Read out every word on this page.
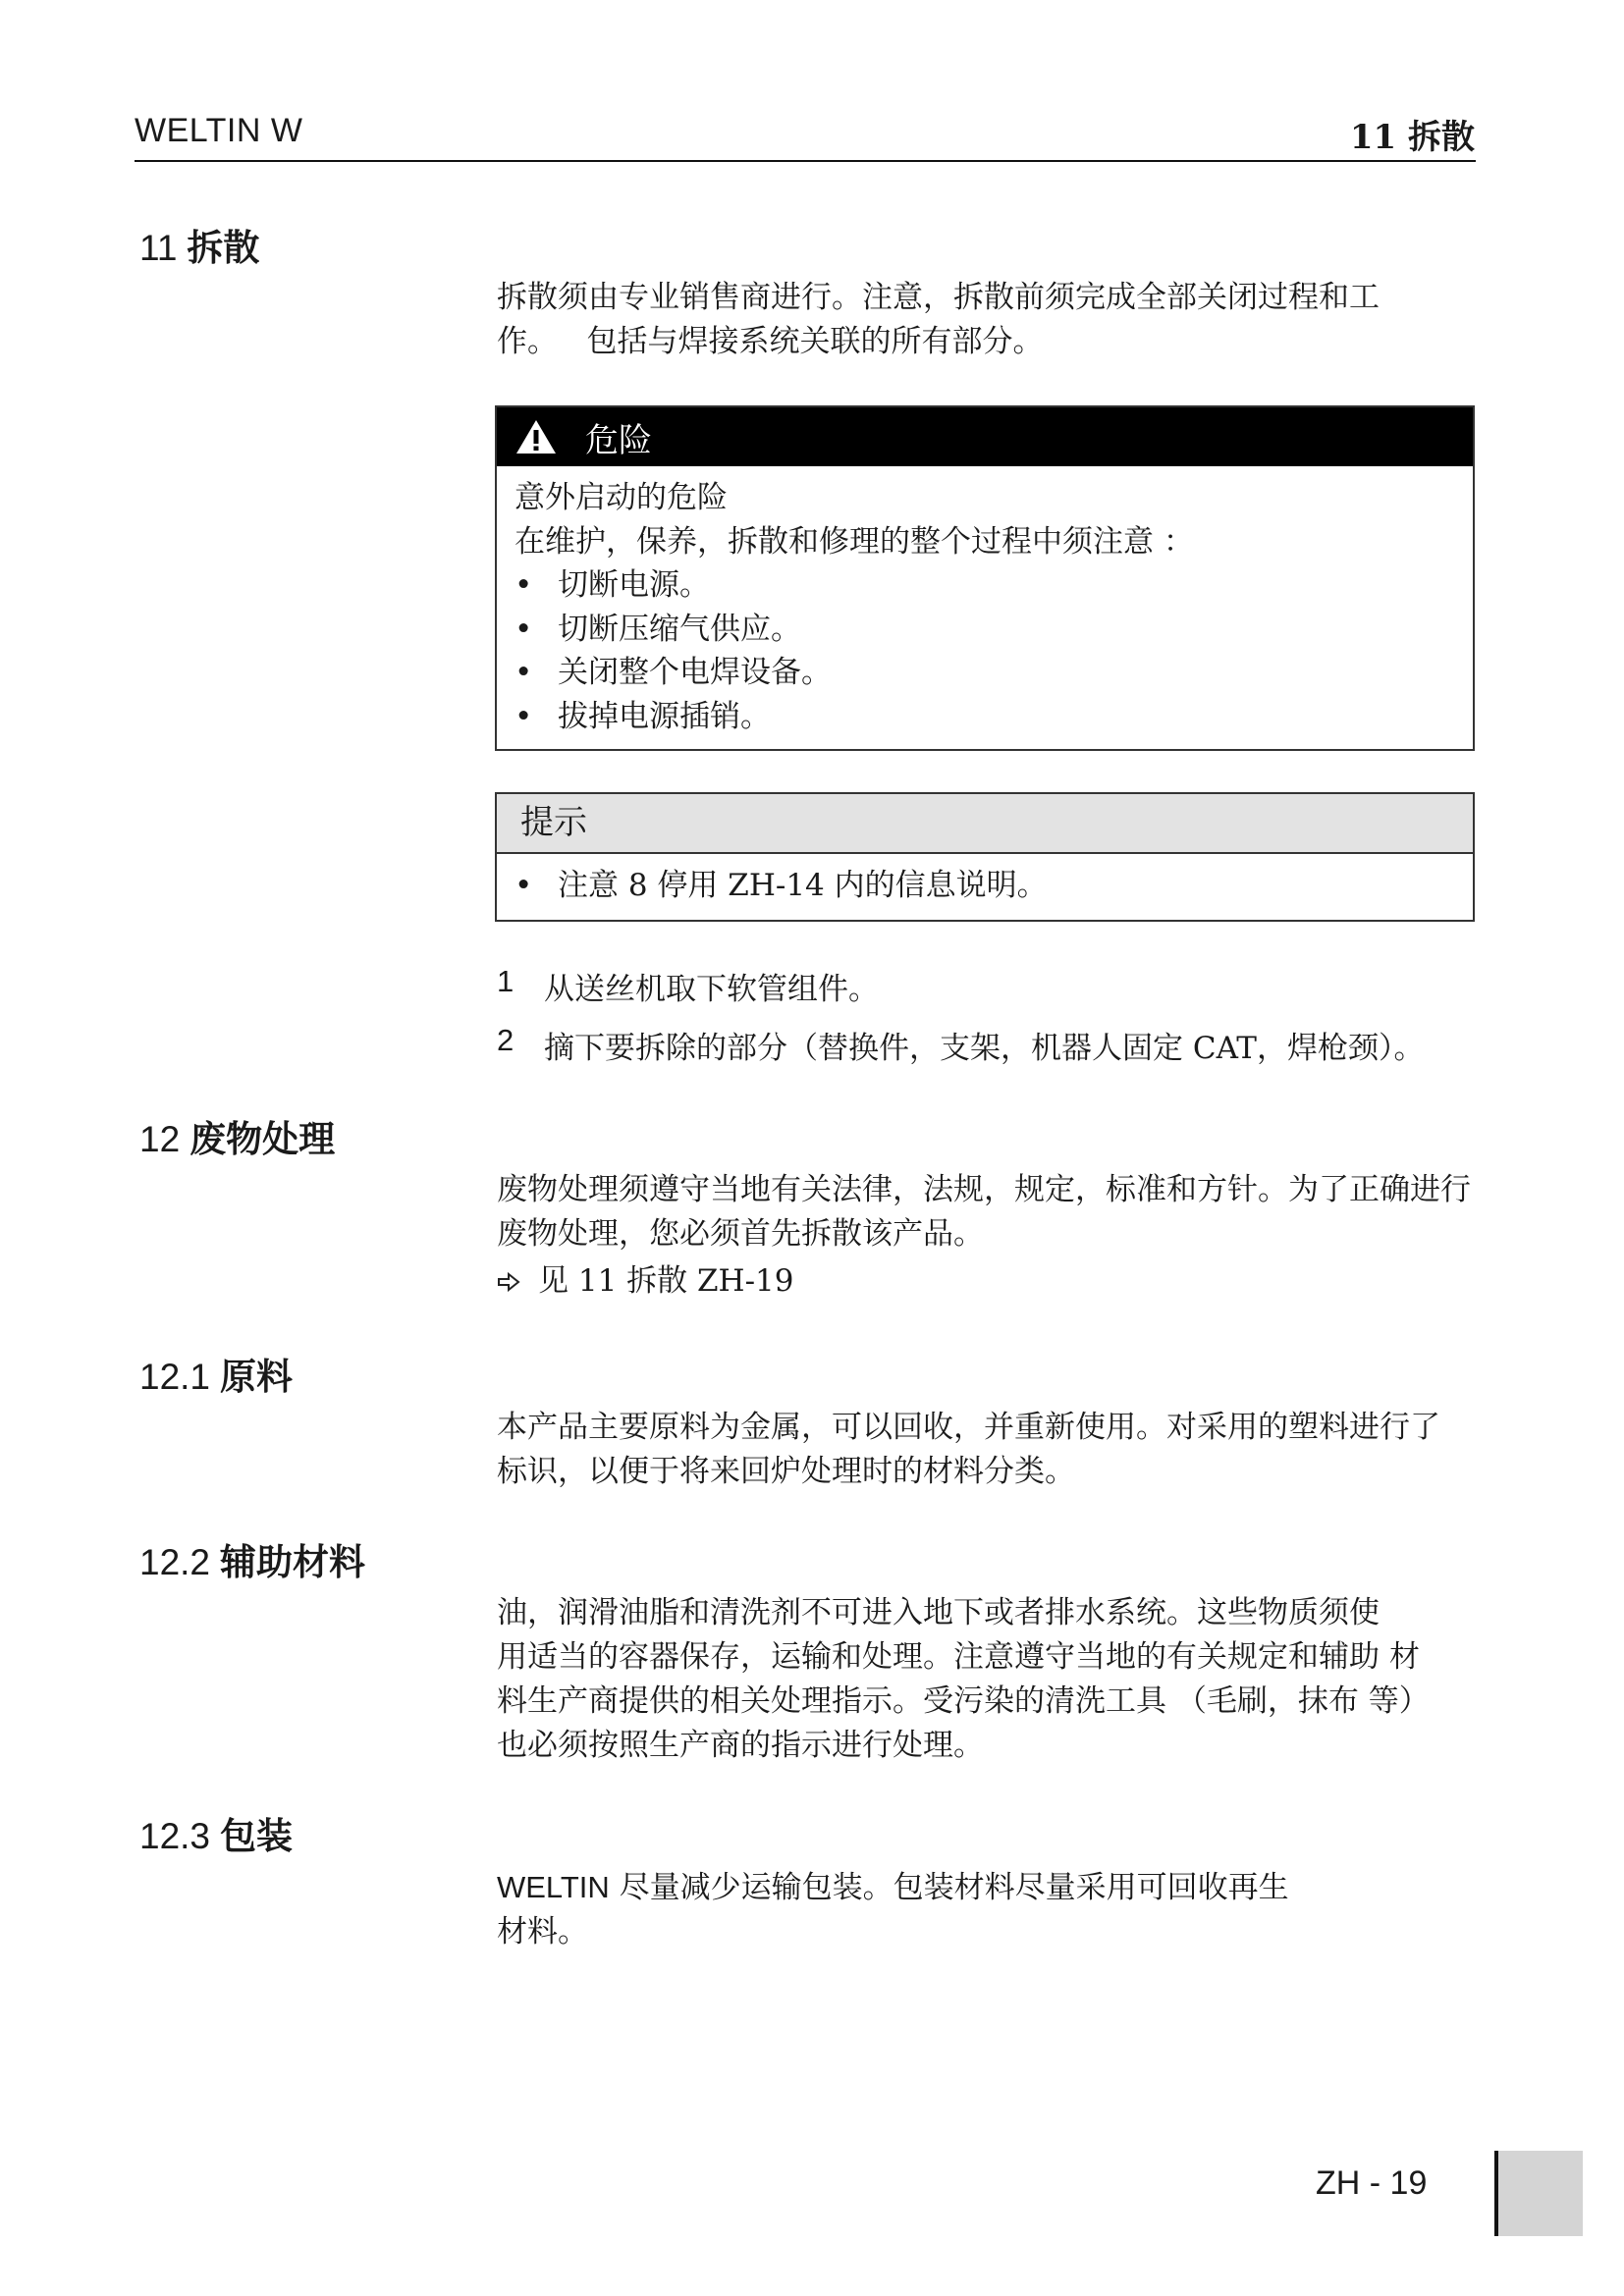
WELTIN W	11 拆散
11 拆散
拆散须由专业销售商进行。注意，拆散前须完成全部关闭过程和工
作。   包括与焊接系统关联的所有部分。
危险
意外启动的危险
在维护，保养，拆散和修理的整个过程中须注意 ：
• 切断电源。
• 切断压缩气供应。
• 关闭整个电焊设备。
• 拔掉电源插销。
提示
• 注意 8 停用 ZH-14 内的信息说明。
1 从送丝机取下软管组件。
2 摘下要拆除的部分（替换件，支架，机器人固定 CAT，焊枪颈）。
12 废物处理
废物处理须遵守当地有关法律，法规，规定，标准和方针。为了正确进行
废物处理，您必须首先拆散该产品。
见 11 拆散 ZH-19
12.1 原料
本产品主要原料为金属，可以回收，并重新使用。对采用的塑料进行了
标识，以便于将来回炉处理时的材料分类。
12.2 辅助材料
油，润滑油脂和清洗剂不可进入地下或者排水系统。这些物质须使
用适当的容器保存，运输和处理。注意遵守当地的有关规定和辅助 材
料生产商提供的相关处理指示。受污染的清洗工具 （毛刷，抹布 等）
也必须按照生产商的指示进行处理。
12.3 包装
WELTIN 尽量减少运输包装。包装材料尽量采用可回收再生
材料。
ZH - 19
